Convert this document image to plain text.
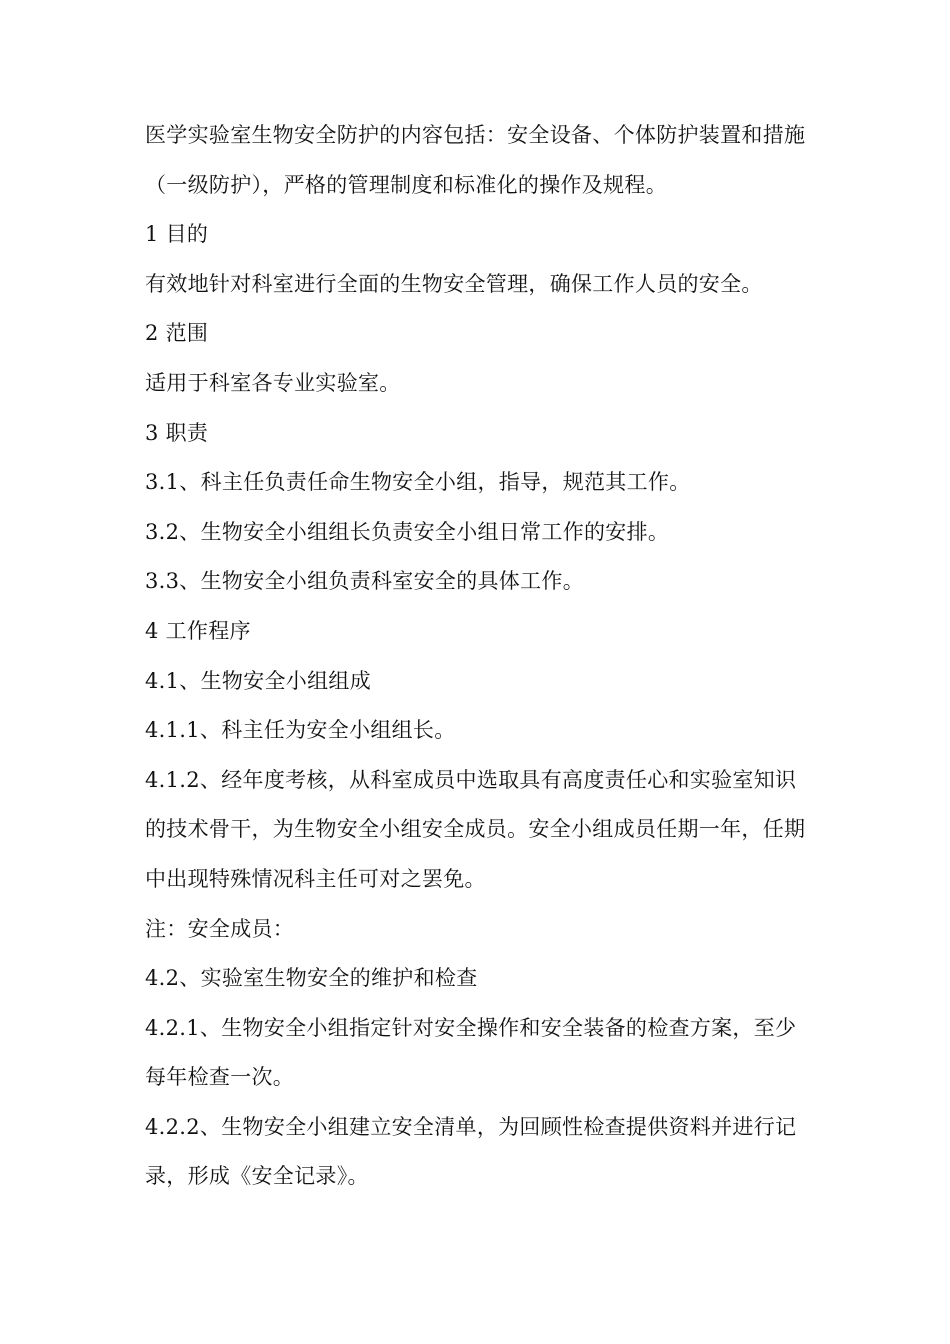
医学实验室生物安全防护的内容包括：安全设备、个体防护装置和措施（一级防护），严格的管理制度和标准化的操作及规程。

1 目的

有效地针对科室进行全面的生物安全管理，确保工作人员的安全。

2 范围

适用于科室各专业实验室。

3 职责

3.1、科主任负责任命生物安全小组，指导，规范其工作。

3.2、生物安全小组组长负责安全小组日常工作的安排。

3.3、生物安全小组负责科室安全的具体工作。

4 工作程序

4.1、生物安全小组组成

4.1.1、科主任为安全小组组长。

4.1.2、经年度考核，从科室成员中选取具有高度责任心和实验室知识的技术骨干，为生物安全小组安全成员。安全小组成员任期一年，任期中出现特殊情况科主任可对之罢免。

注：安全成员：

4.2、实验室生物安全的维护和检查

4.2.1、生物安全小组指定针对安全操作和安全装备的检查方案，至少每年检查一次。

4.2.2、生物安全小组建立安全清单，为回顾性检查提供资料并进行记录，形成《安全记录》。
